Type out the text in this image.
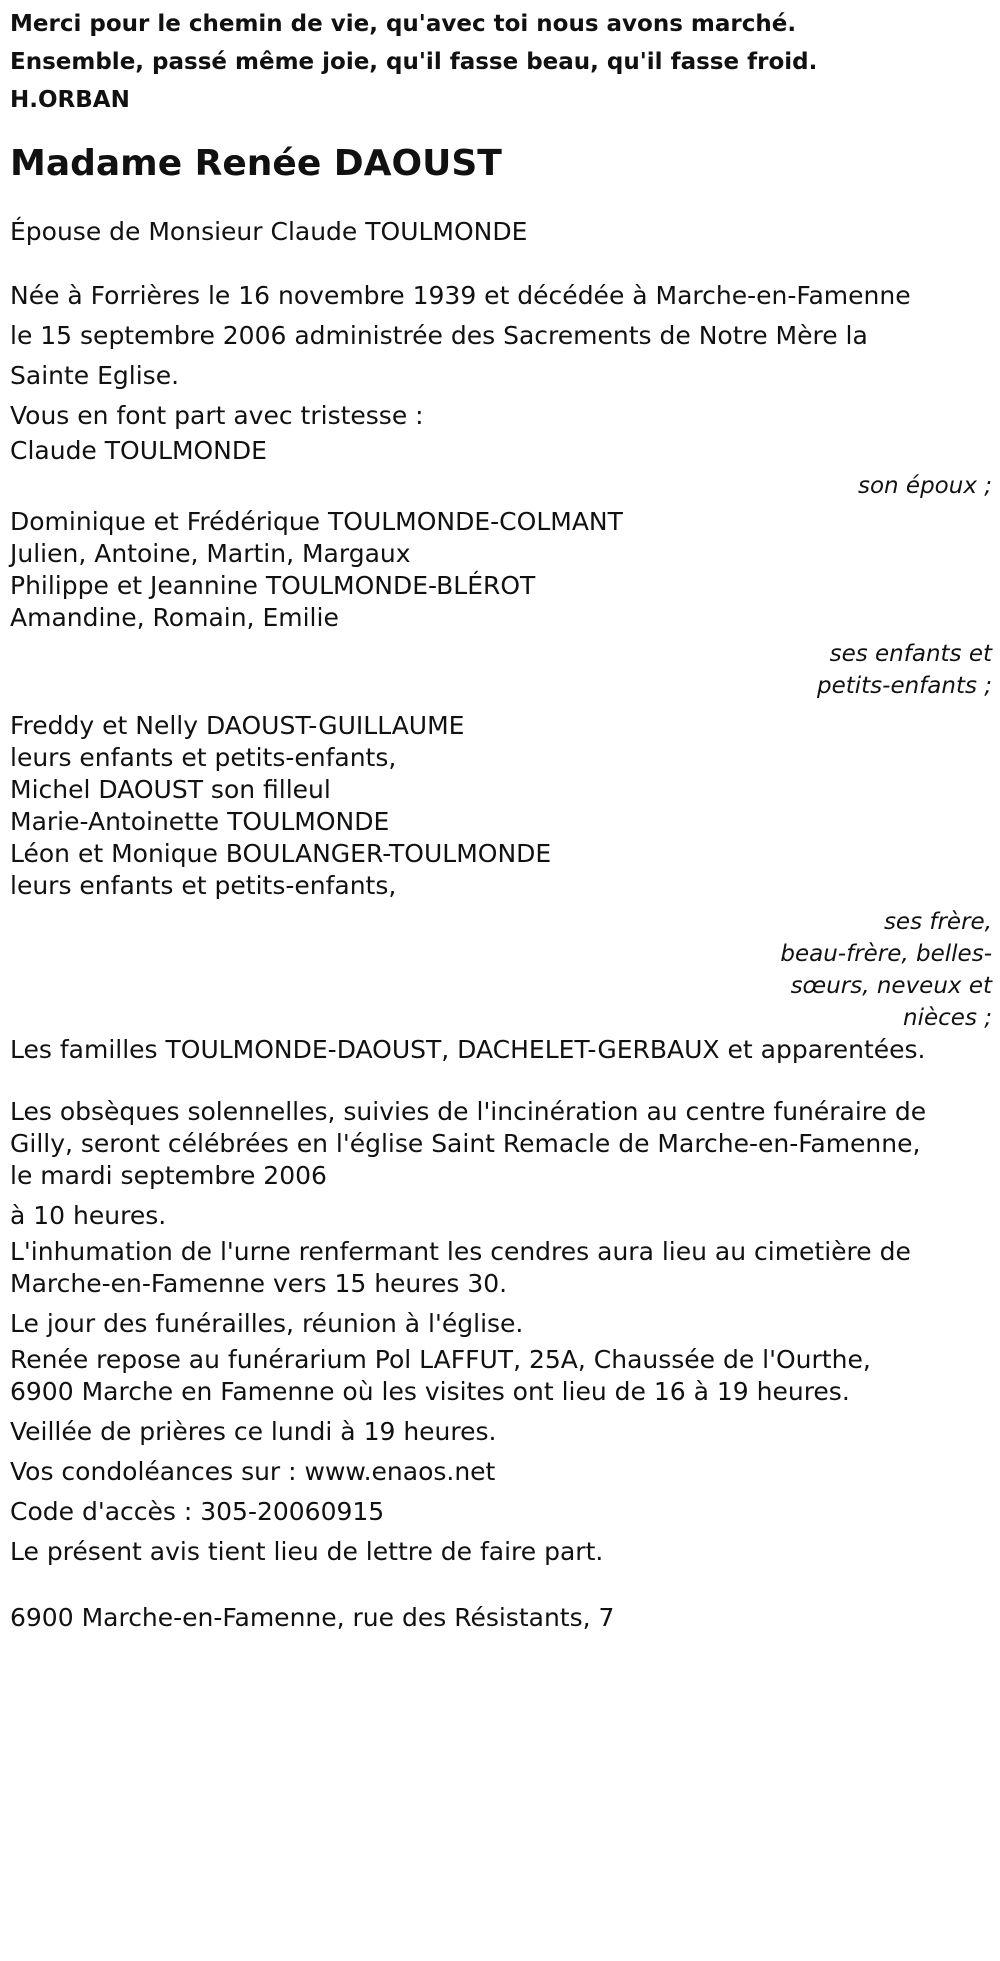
Merci pour le chemin de vie, qu'avec toi nous avons marché.
Ensemble, passé même joie, qu'il fasse beau, qu'il fasse froid.
H.ORBAN
Madame Renée DAOUST

Épouse de Monsieur Claude TOULMONDE

Née à Forrières le 16 novembre 1939 et décédée à Marche-en-Famenne

le 15 septembre 2006 administrée des Sacrements de Notre Mère la

Sainte Eglise.

Vous en font part avec tristesse :

Claude TOULMONDE

son époux ;

Dominique et Frédérique TOULMONDE-COLMANT

Julien, Antoine, Martin, Margaux

Philippe et Jeannine TOULMONDE-BLÉROT

Amandine, Romain, Emilie

ses enfants et

petits-enfants ;

Freddy et Nelly DAOUST-GUILLAUME

leurs enfants et petits-enfants,

Michel DAOUST son filleul

Marie-Antoinette TOULMONDE

Léon et Monique BOULANGER-TOULMONDE

leurs enfants et petits-enfants,

ses frère,

beau-frère, belles-

sœurs, neveux et

nièces ;

Les familles TOULMONDE-DAOUST, DACHELET-GERBAUX et apparentées.

Les obsèques solennelles, suivies de l'incinération au centre funéraire de

Gilly, seront célébrées en l'église Saint Remacle de Marche-en-Famenne,

le mardi septembre 2006

à 10 heures.

L'inhumation de l'urne renfermant les cendres aura lieu au cimetière de

Marche-en-Famenne vers 15 heures 30.

Le jour des funérailles, réunion à l'église.

Renée repose au funérarium Pol LAFFUT, 25A, Chaussée de l'Ourthe,

6900 Marche en Famenne où les visites ont lieu de 16 à 19 heures.

Veillée de prières ce lundi à 19 heures.

Vos condoléances sur : www.enaos.net

Code d'accès : 305-20060915

Le présent avis tient lieu de lettre de faire part.

6900 Marche-en-Famenne, rue des Résistants, 7
